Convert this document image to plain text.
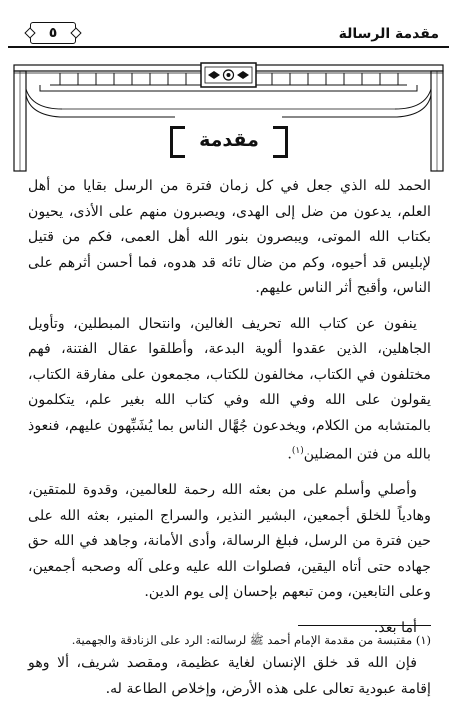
مقدمة الرسالة
٥
مقدمة

الحمد لله الذي جعل في كل زمان فترة من الرسل بقايا من أهل العلم، يدعون من ضل إلى الهدى، ويصبرون منهم على الأذى، يحيون بكتاب الله الموتى، ويبصرون بنور الله أهل العمى، فكم من قتيل لإبليس قد أحيوه، وكم من ضال تائه قد هدوه، فما أحسن أثرهم على الناس، وأقبح أثر الناس عليهم.

ينفون عن كتاب الله تحريف الغالين، وانتحال المبطلين، وتأويل الجاهلين، الذين عقدوا ألوية البدعة، وأطلقوا عقال الفتنة، فهم مختلفون في الكتاب، مخالفون للكتاب، مجمعون على مفارقة الكتاب، يقولون على الله وفي الله وفي كتاب الله بغير علم، يتكلمون بالمتشابه من الكلام، ويخدعون جُهَّال الناس بما يُشَبِّهون عليهم، فنعوذ بالله من فتن المضلين$^{(١)}$.

وأصلي وأسلم على من بعثه الله رحمة للعالمين، وقدوة للمتقين، وهادياً للخلق أجمعين، البشير النذير، والسراج المنير، بعثه الله على حين فترة من الرسل، فبلغ الرسالة، وأدى الأمانة، وجاهد في الله حق جهاده حتى أتاه اليقين، فصلوات الله عليه وعلى آله وصحبه أجمعين، وعلى التابعين، ومن تبعهم بإحسان إلى يوم الدين.

أما بعد.

فإن الله قد خلق الإنسان لغاية عظيمة، ومقصد شريف، ألا وهو إقامة عبودية تعالى على هذه الأرض، وإخلاص الطاعة له.

(١) مقتبسة من مقدمة الإمام أحمد ﷺ لرسالته: الرد على الزنادقة والجهمية.
